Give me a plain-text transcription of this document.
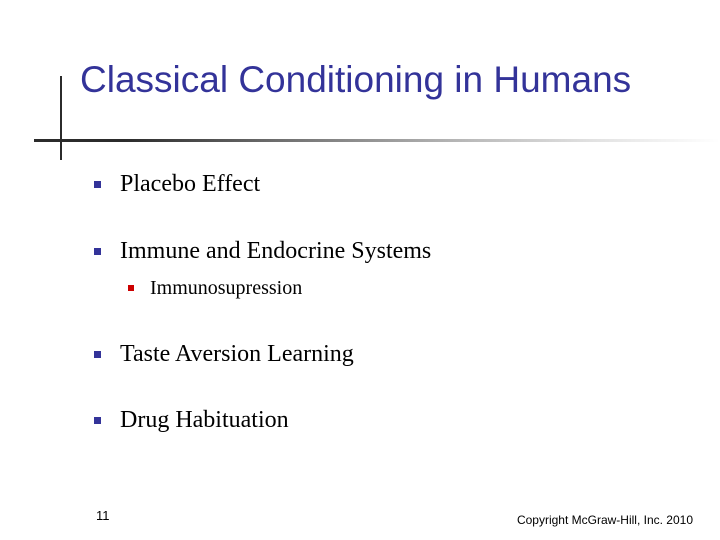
Classical Conditioning in Humans
Placebo Effect
Immune and Endocrine Systems
Immunosupression
Taste Aversion Learning
Drug Habituation
11	Copyright McGraw-Hill, Inc. 2010
